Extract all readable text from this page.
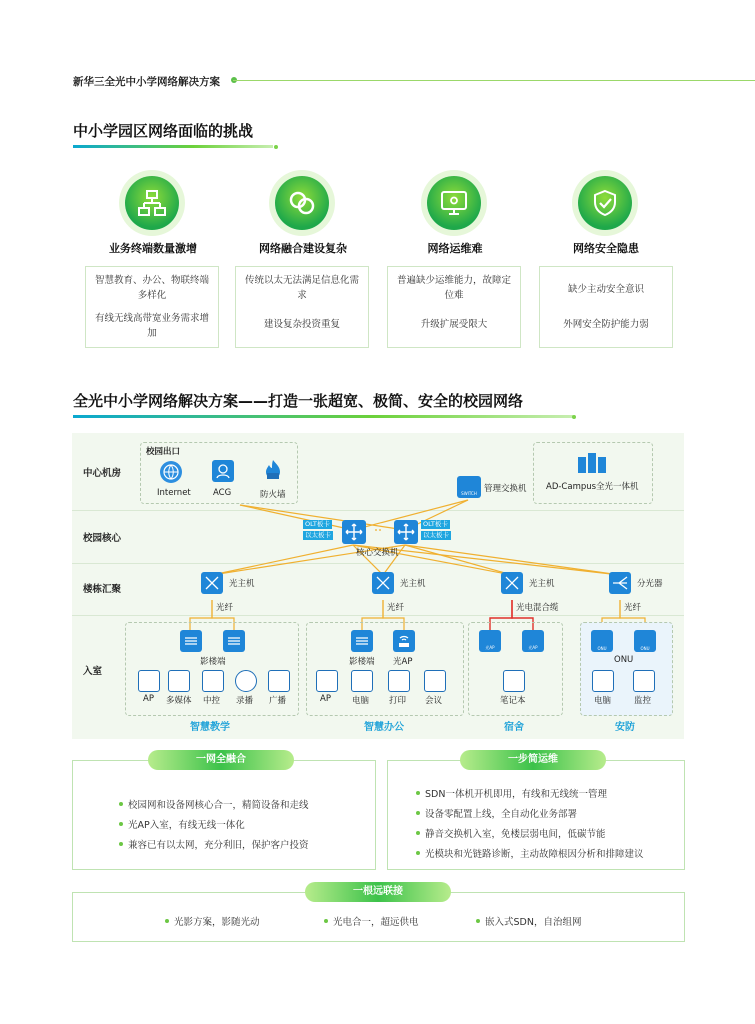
新华三全光中小学网络解决方案
中小学园区网络面临的挑战
业务终端数量激增	网络融合建设复杂	网络运维难	网络安全隐患
智慧教育、办公、物联终端多样化
有线无线高带宽业务需求增加
传统以太无法满足信息化需求
建设复杂投资重复
普遍缺少运维能力，故障定位难
升级扩展受限大
缺少主动安全意识
外网安全防护能力弱
全光中小学网络解决方案——打造一张超宽、极简、安全的校园网络
中心机房
校园核心
楼栋汇聚
入室
校园出口
Internet	ACG	防火墙	SWITCH 管理交换机 AD-Campus全光一体机
OLT板卡
以太板卡
OLT板卡
以太板卡
核心交换机
光主机	光主机	光主机	分光器
光纤	光纤	光电混合缆	光纤
影楼端
AP 多媒体 中控 录播 广播
影楼端 光AP
AP 电脑 打印 会议
光AP	光AP
笔记本
ONU	ONU
ONU
电脑	监控
智慧教学	智慧办公	宿舍	安防
一网全融合
校园网和设备网核心合一，精简设备和走线
光AP入室，有线无线一体化
兼容已有以太网，充分利旧，保护客户投资
一步简运维
SDN一体机开机即用，有线和无线统一管理
设备零配置上线，全自动化业务部署
静音交换机入室，免楼层弱电间，低碳节能
光模块和光链路诊断，主动故障根因分析和排障建议
一根远联接
光影方案，影随光动	光电合一，超远供电	嵌入式SDN，自治组网
